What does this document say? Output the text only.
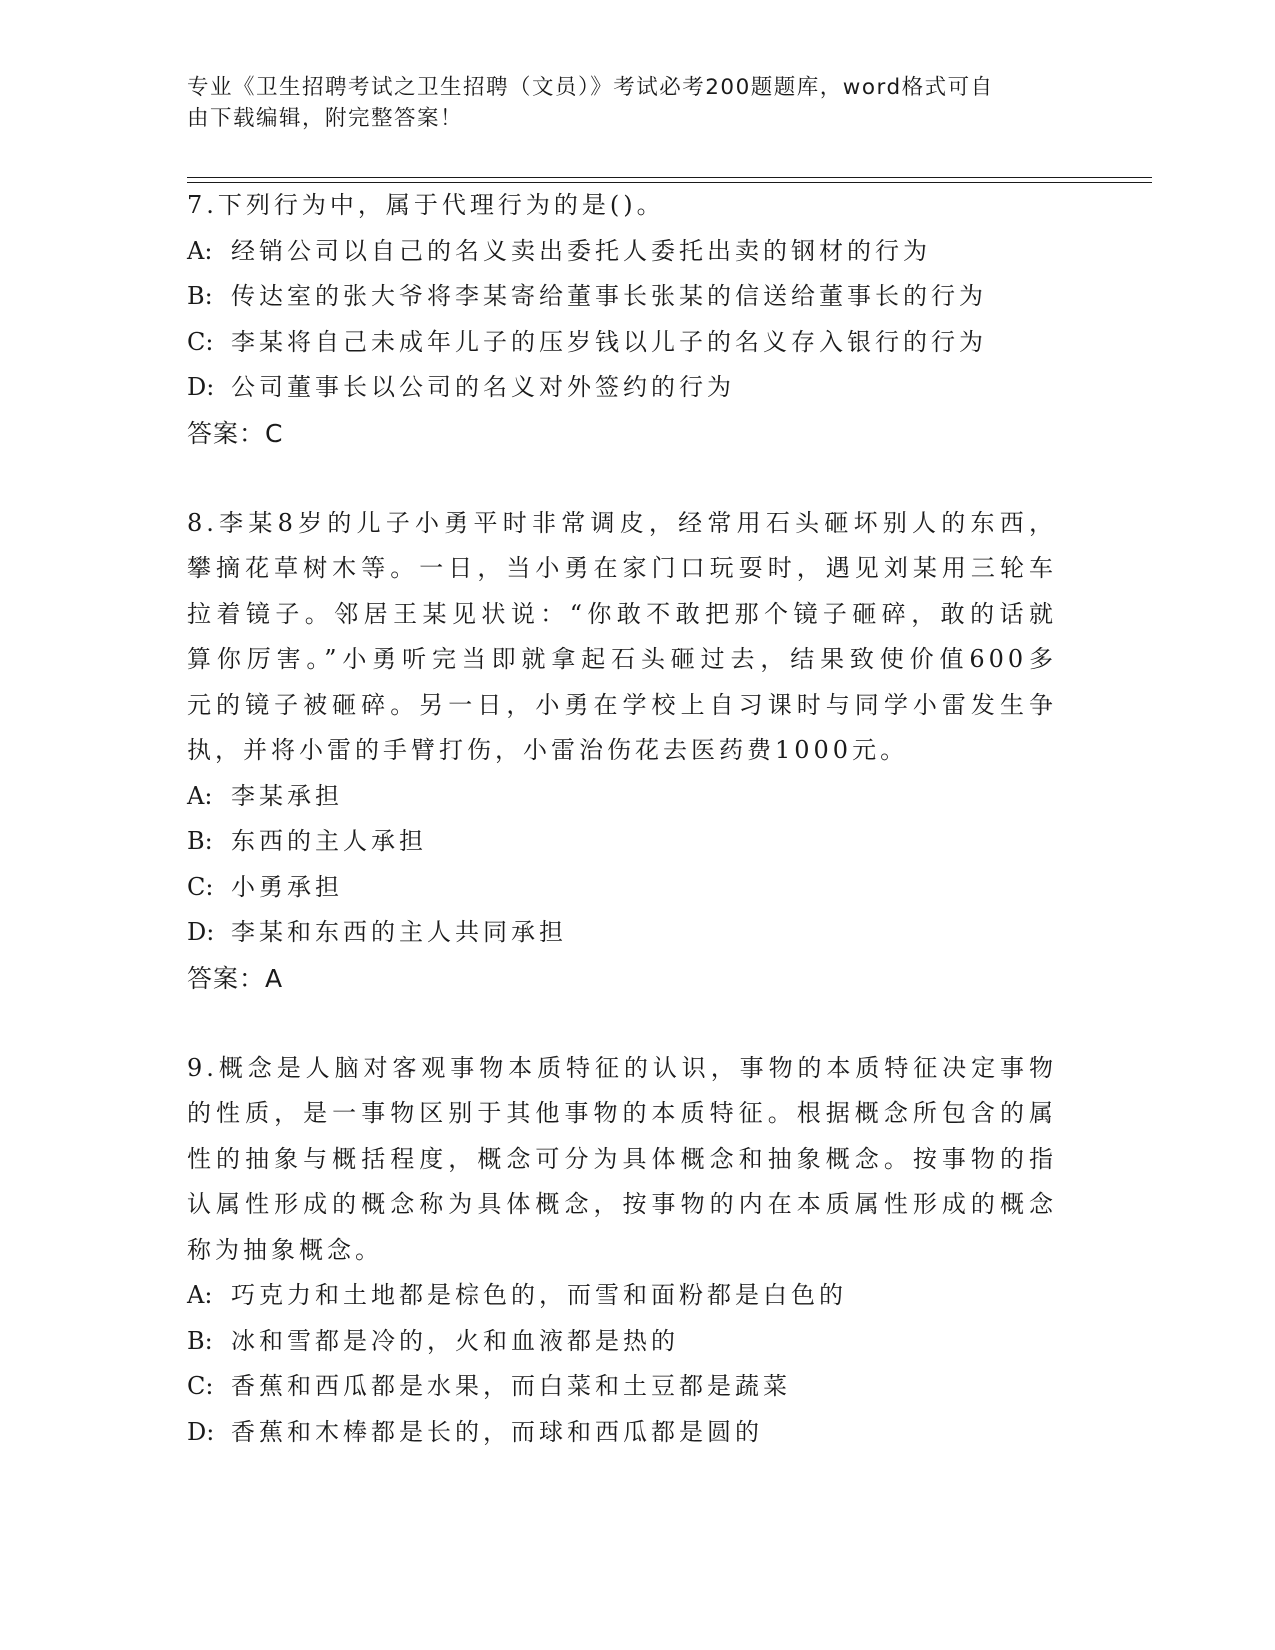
专业《卫生招聘考试之卫生招聘（文员）》考试必考200题题库，word格式可自
由下载编辑，附完整答案！
7.下列行为中，属于代理行为的是()。
A: 经销公司以自己的名义卖出委托人委托出卖的钢材的行为
B: 传达室的张大爷将李某寄给董事长张某的信送给董事长的行为
C: 李某将自己未成年儿子的压岁钱以儿子的名义存入银行的行为
D: 公司董事长以公司的名义对外签约的行为
答案：C
8.李某8岁的儿子小勇平时非常调皮，经常用石头砸坏别人的东西，
攀摘花草树木等。一日，当小勇在家门口玩耍时，遇见刘某用三轮车
拉着镜子。邻居王某见状说：“你敢不敢把那个镜子砸碎，敢的话就
算你厉害。”小勇听完当即就拿起石头砸过去，结果致使价值600多
元的镜子被砸碎。另一日，小勇在学校上自习课时与同学小雷发生争
执，并将小雷的手臂打伤，小雷治伤花去医药费1000元。
A: 李某承担
B: 东西的主人承担
C: 小勇承担
D: 李某和东西的主人共同承担
答案：A
9.概念是人脑对客观事物本质特征的认识，事物的本质特征决定事物
的性质，是一事物区别于其他事物的本质特征。根据概念所包含的属
性的抽象与概括程度，概念可分为具体概念和抽象概念。按事物的指
认属性形成的概念称为具体概念，按事物的内在本质属性形成的概念
称为抽象概念。
A: 巧克力和土地都是棕色的，而雪和面粉都是白色的
B: 冰和雪都是冷的，火和血液都是热的
C: 香蕉和西瓜都是水果，而白菜和土豆都是蔬菜
D: 香蕉和木棒都是长的，而球和西瓜都是圆的
